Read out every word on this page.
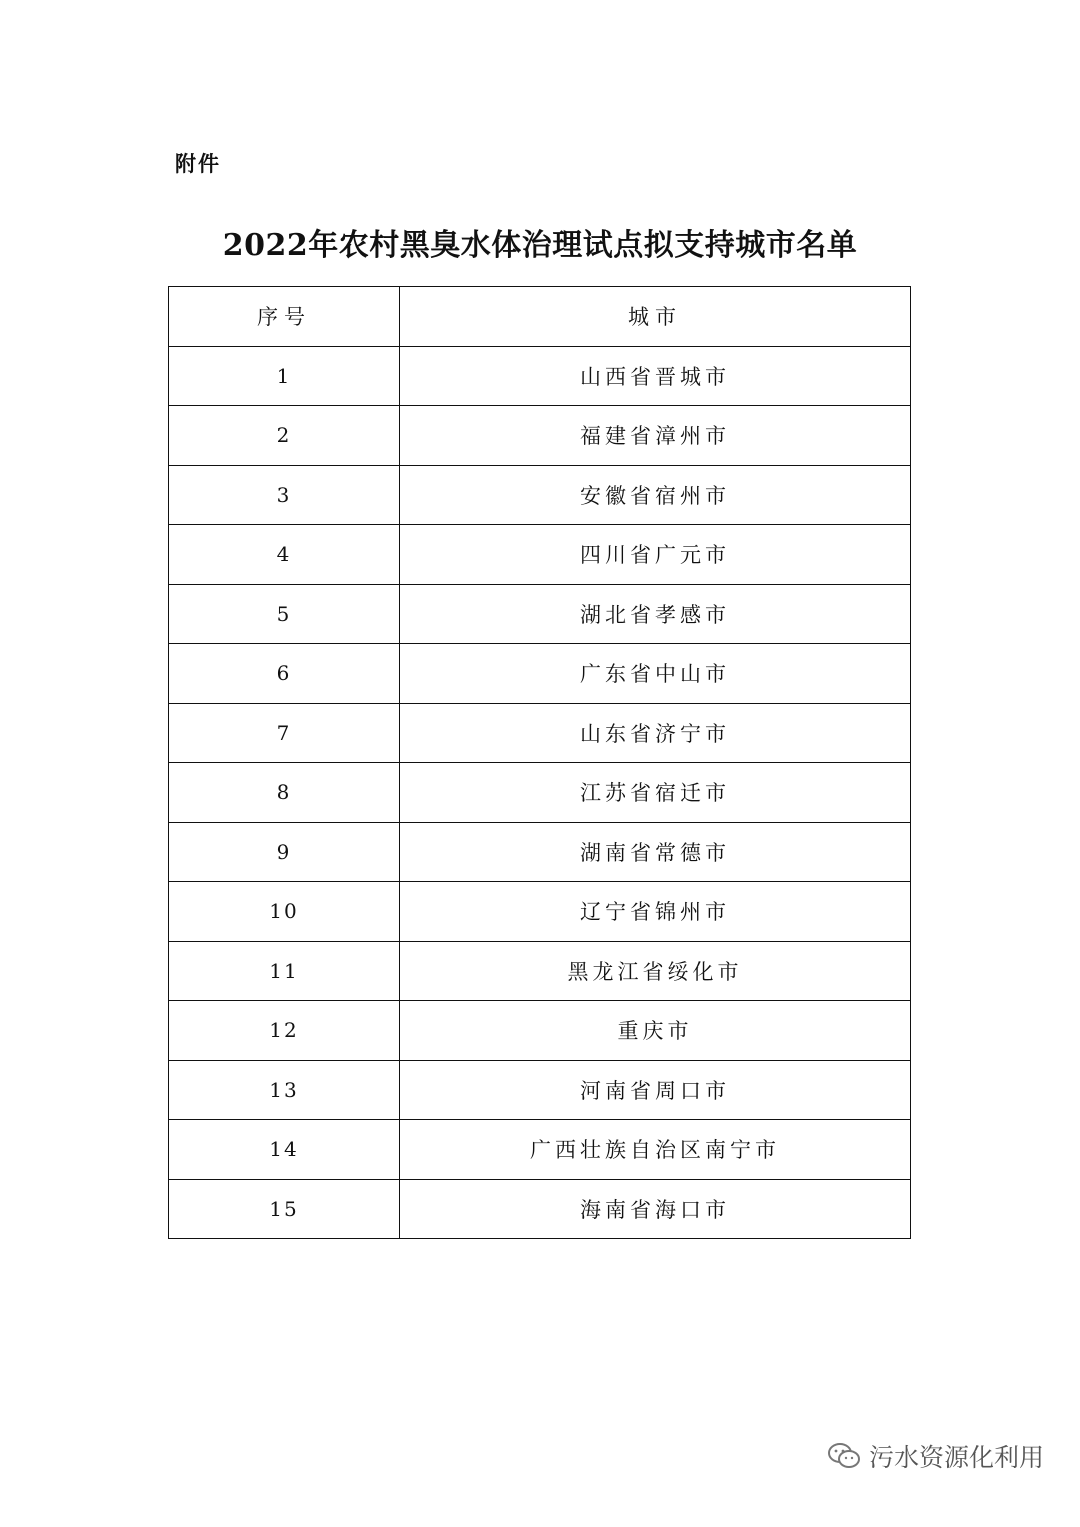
附件
2022年农村黑臭水体治理试点拟支持城市名单
序号	城市
1	山西省晋城市
2	福建省漳州市
3	安徽省宿州市
4	四川省广元市
5	湖北省孝感市
6	广东省中山市
7	山东省济宁市
8	江苏省宿迁市
9	湖南省常德市
10	辽宁省锦州市
11	黑龙江省绥化市
12	重庆市
13	河南省周口市
14	广西壮族自治区南宁市
15	海南省海口市
污水资源化利用
